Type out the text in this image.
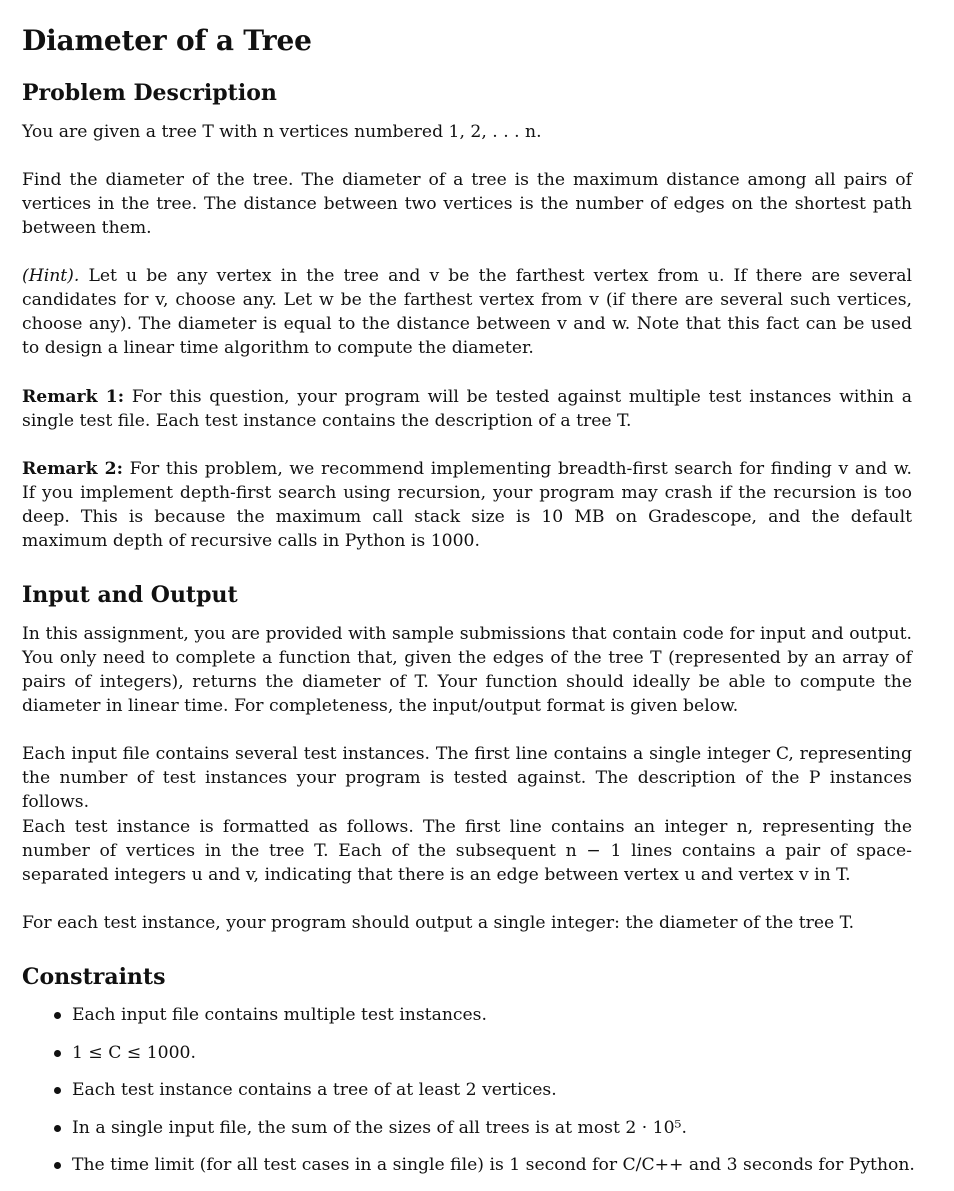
Diameter of a Tree
Problem Description

You are given a tree T with n vertices numbered 1, 2, . . . n.

Find the diameter of the tree. The diameter of a tree is the maximum distance among all pairs of vertices in the tree. The distance between two vertices is the number of edges on the shortest path between them.

(Hint). Let u be any vertex in the tree and v be the farthest vertex from u. If there are several candidates for v, choose any. Let w be the farthest vertex from v (if there are several such vertices, choose any). The diameter is equal to the distance between v and w. Note that this fact can be used to design a linear time algorithm to compute the diameter.

Remark 1: For this question, your program will be tested against multiple test instances within a single test file. Each test instance contains the description of a tree T.

Remark 2: For this problem, we recommend implementing breadth-first search for finding v and w. If you implement depth-first search using recursion, your program may crash if the recursion is too deep. This is because the maximum call stack size is 10 MB on Gradescope, and the default maximum depth of recursive calls in Python is 1000.

Input and Output

In this assignment, you are provided with sample submissions that contain code for input and output. You only need to complete a function that, given the edges of the tree T (represented by an array of pairs of integers), returns the diameter of T. Your function should ideally be able to compute the diameter in linear time. For completeness, the input/output format is given below.

Each input file contains several test instances. The first line contains a single integer C, representing the number of test instances your program is tested against. The description of the P instances follows.

Each test instance is formatted as follows. The first line contains an integer n, representing the number of vertices in the tree T. Each of the subsequent n − 1 lines contains a pair of space-separated integers u and v, indicating that there is an edge between vertex u and vertex v in T.

For each test instance, your program should output a single integer: the diameter of the tree T.

Constraints
Each input file contains multiple test instances.
1 ≤ C ≤ 1000.
Each test instance contains a tree of at least 2 vertices.
In a single input file, the sum of the sizes of all trees is at most 2 · 10⁵.
The time limit (for all test cases in a single file) is 1 second for C/C++ and 3 seconds for Python.
